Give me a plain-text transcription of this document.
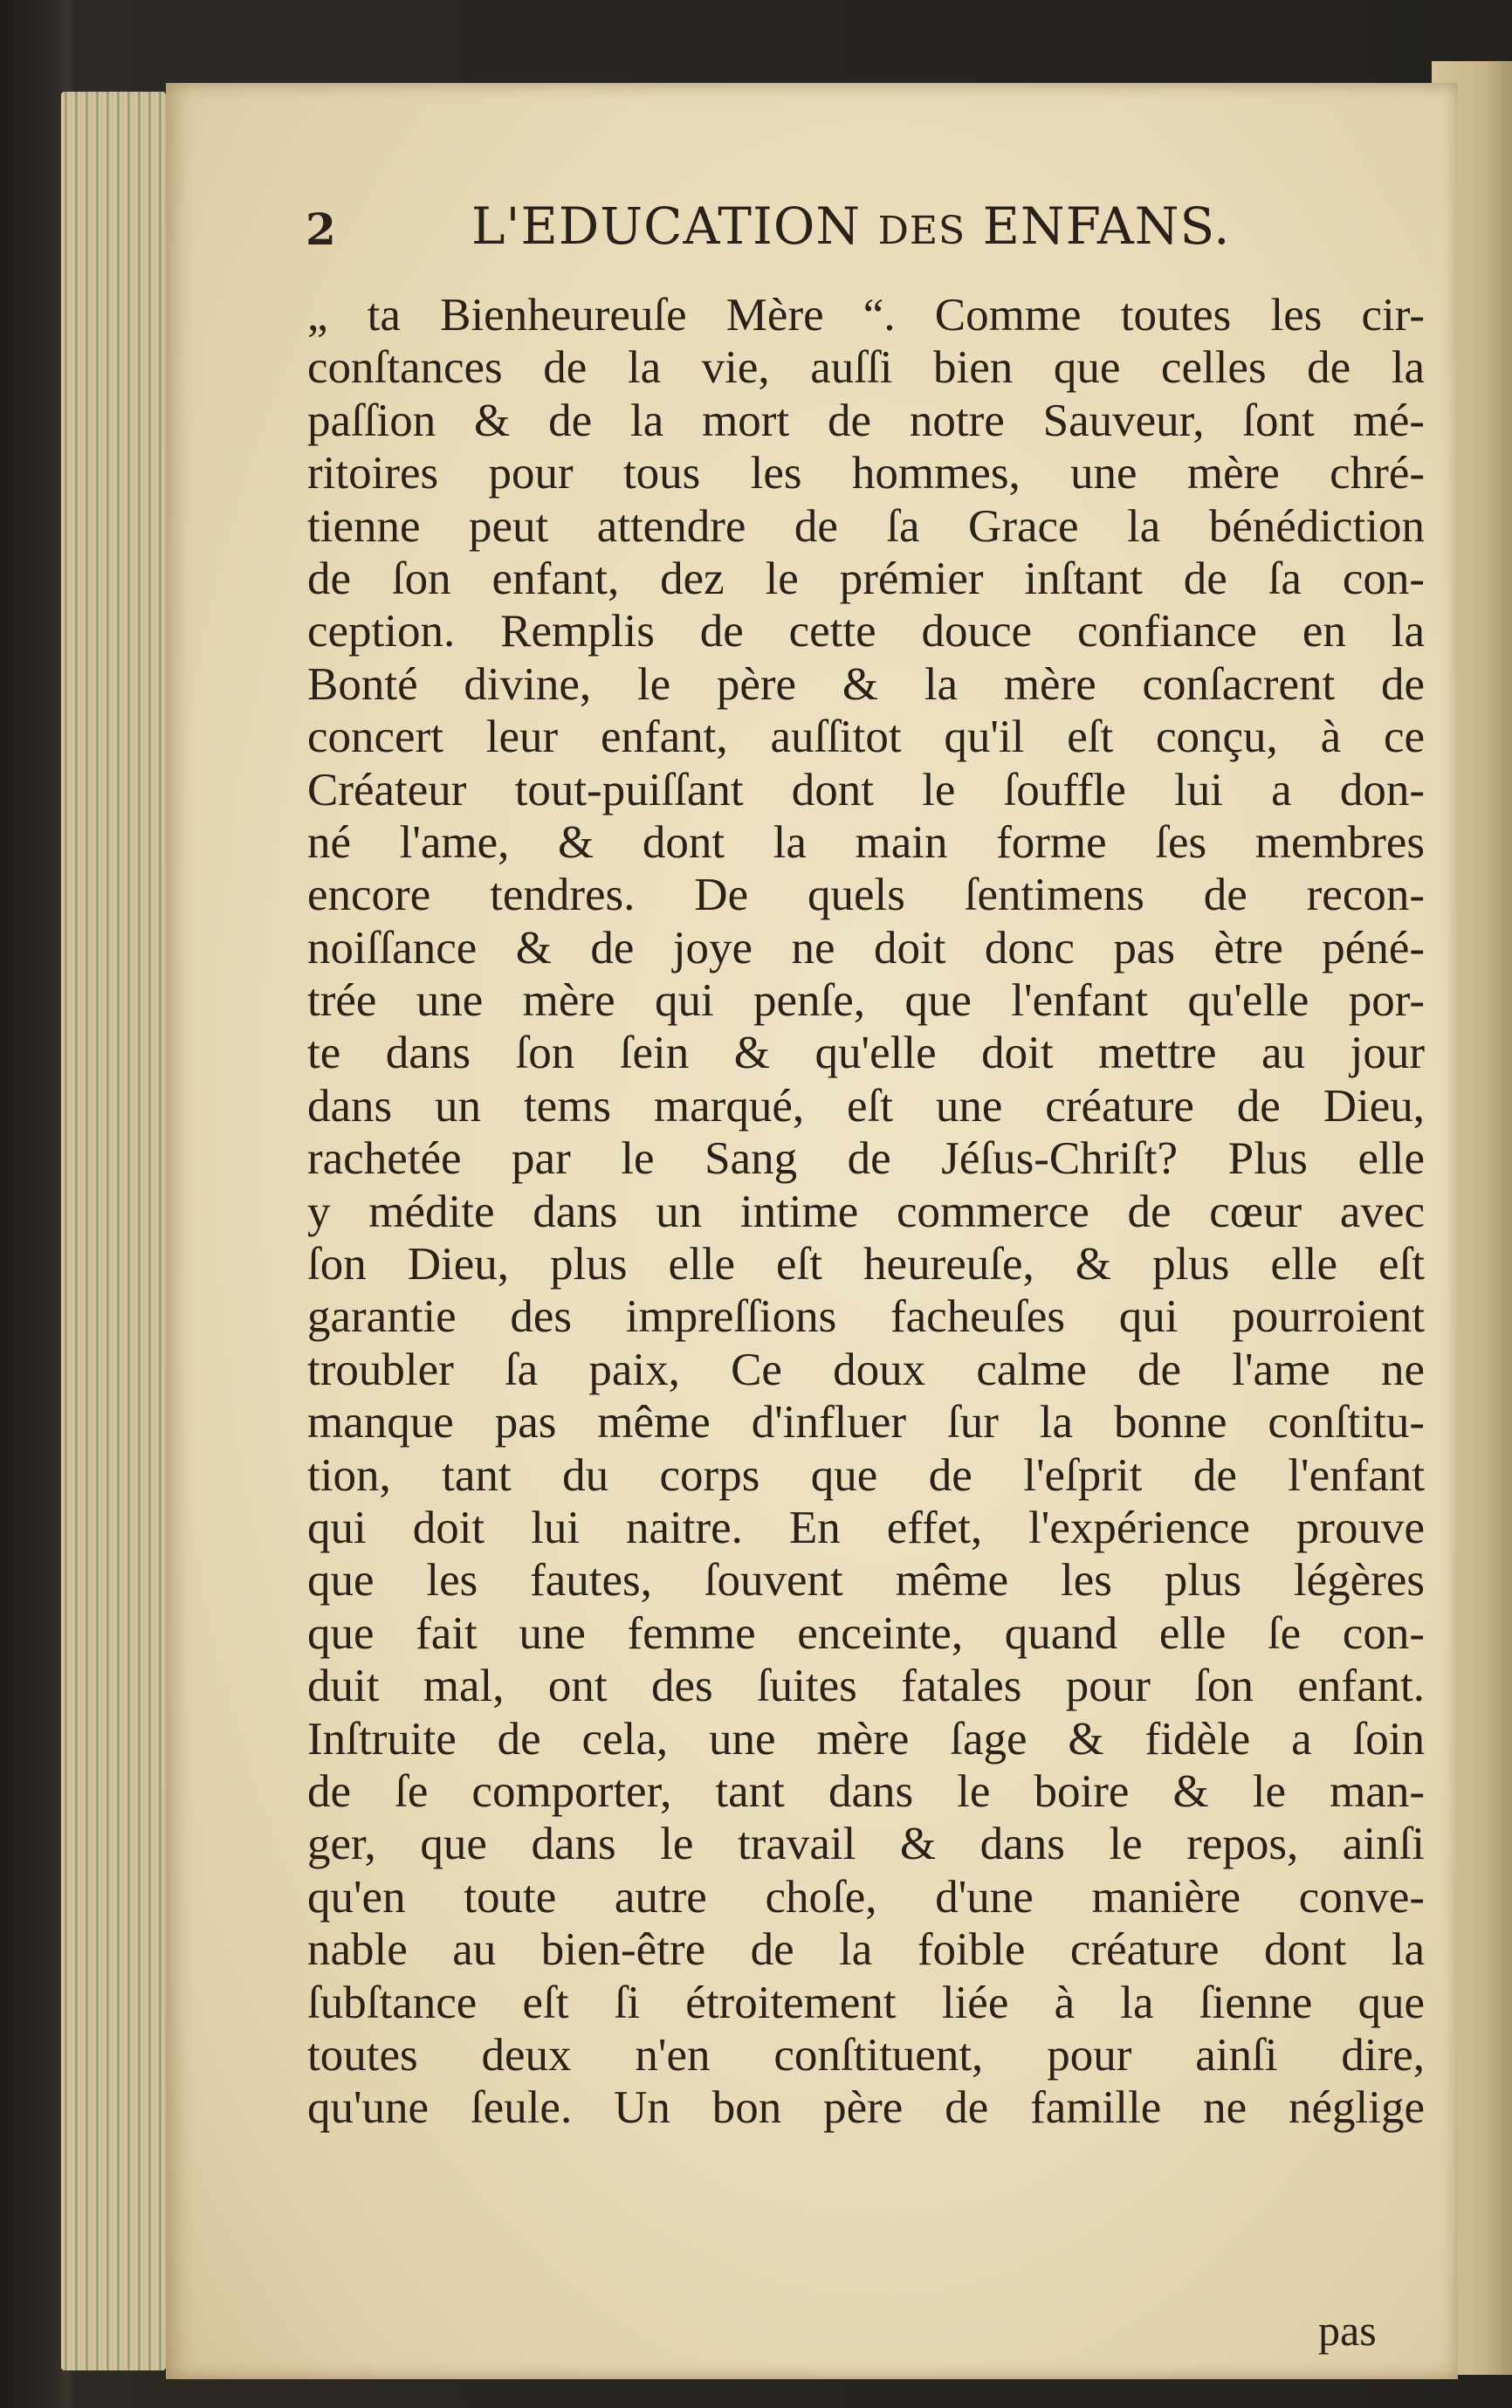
2	L'EDUCATION DES ENFANS.
„ ta Bienheureuſe Mère “. Comme toutes les cir-
conſtances de la vie, auſſi bien que celles de la
paſſion & de la mort de notre Sauveur, ſont mé-
ritoires pour tous les hommes, une mère chré-
tienne peut attendre de ſa Grace la bénédiction
de ſon enfant, dez le prémier inſtant de ſa con-
ception. Remplis de cette douce confiance en la
Bonté divine, le père & la mère conſacrent de
concert leur enfant, auſſitot qu'il eſt conçu, à ce
Créateur tout-puiſſant dont le ſouffle lui a don-
né l'ame, & dont la main forme ſes membres
encore tendres. De quels ſentimens de recon-
noiſſance & de joye ne doit donc pas ètre péné-
trée une mère qui penſe, que l'enfant qu'elle por-
te dans ſon ſein & qu'elle doit mettre au jour
dans un tems marqué, eſt une créature de Dieu,
rachetée par le Sang de Jéſus-Chriſt? Plus elle
y médite dans un intime commerce de cœur avec
ſon Dieu, plus elle eſt heureuſe, & plus elle eſt
garantie des impreſſions facheuſes qui pourroient
troubler ſa paix, Ce doux calme de l'ame ne
manque pas même d'influer ſur la bonne conſtitu-
tion, tant du corps que de l'eſprit de l'enfant
qui doit lui naitre. En effet, l'expérience prouve
que les fautes, ſouvent même les plus légères
que fait une femme enceinte, quand elle ſe con-
duit mal, ont des ſuites fatales pour ſon enfant.
Inſtruite de cela, une mère ſage & fidèle a ſoin
de ſe comporter, tant dans le boire & le man-
ger, que dans le travail & dans le repos, ainſi
qu'en toute autre choſe, d'une manière conve-
nable au bien-être de la foible créature dont la
ſubſtance eſt ſi étroitement liée à la ſienne que
toutes deux n'en conſtituent, pour ainſi dire,
qu'une ſeule. Un bon père de famille ne néglige
pas
